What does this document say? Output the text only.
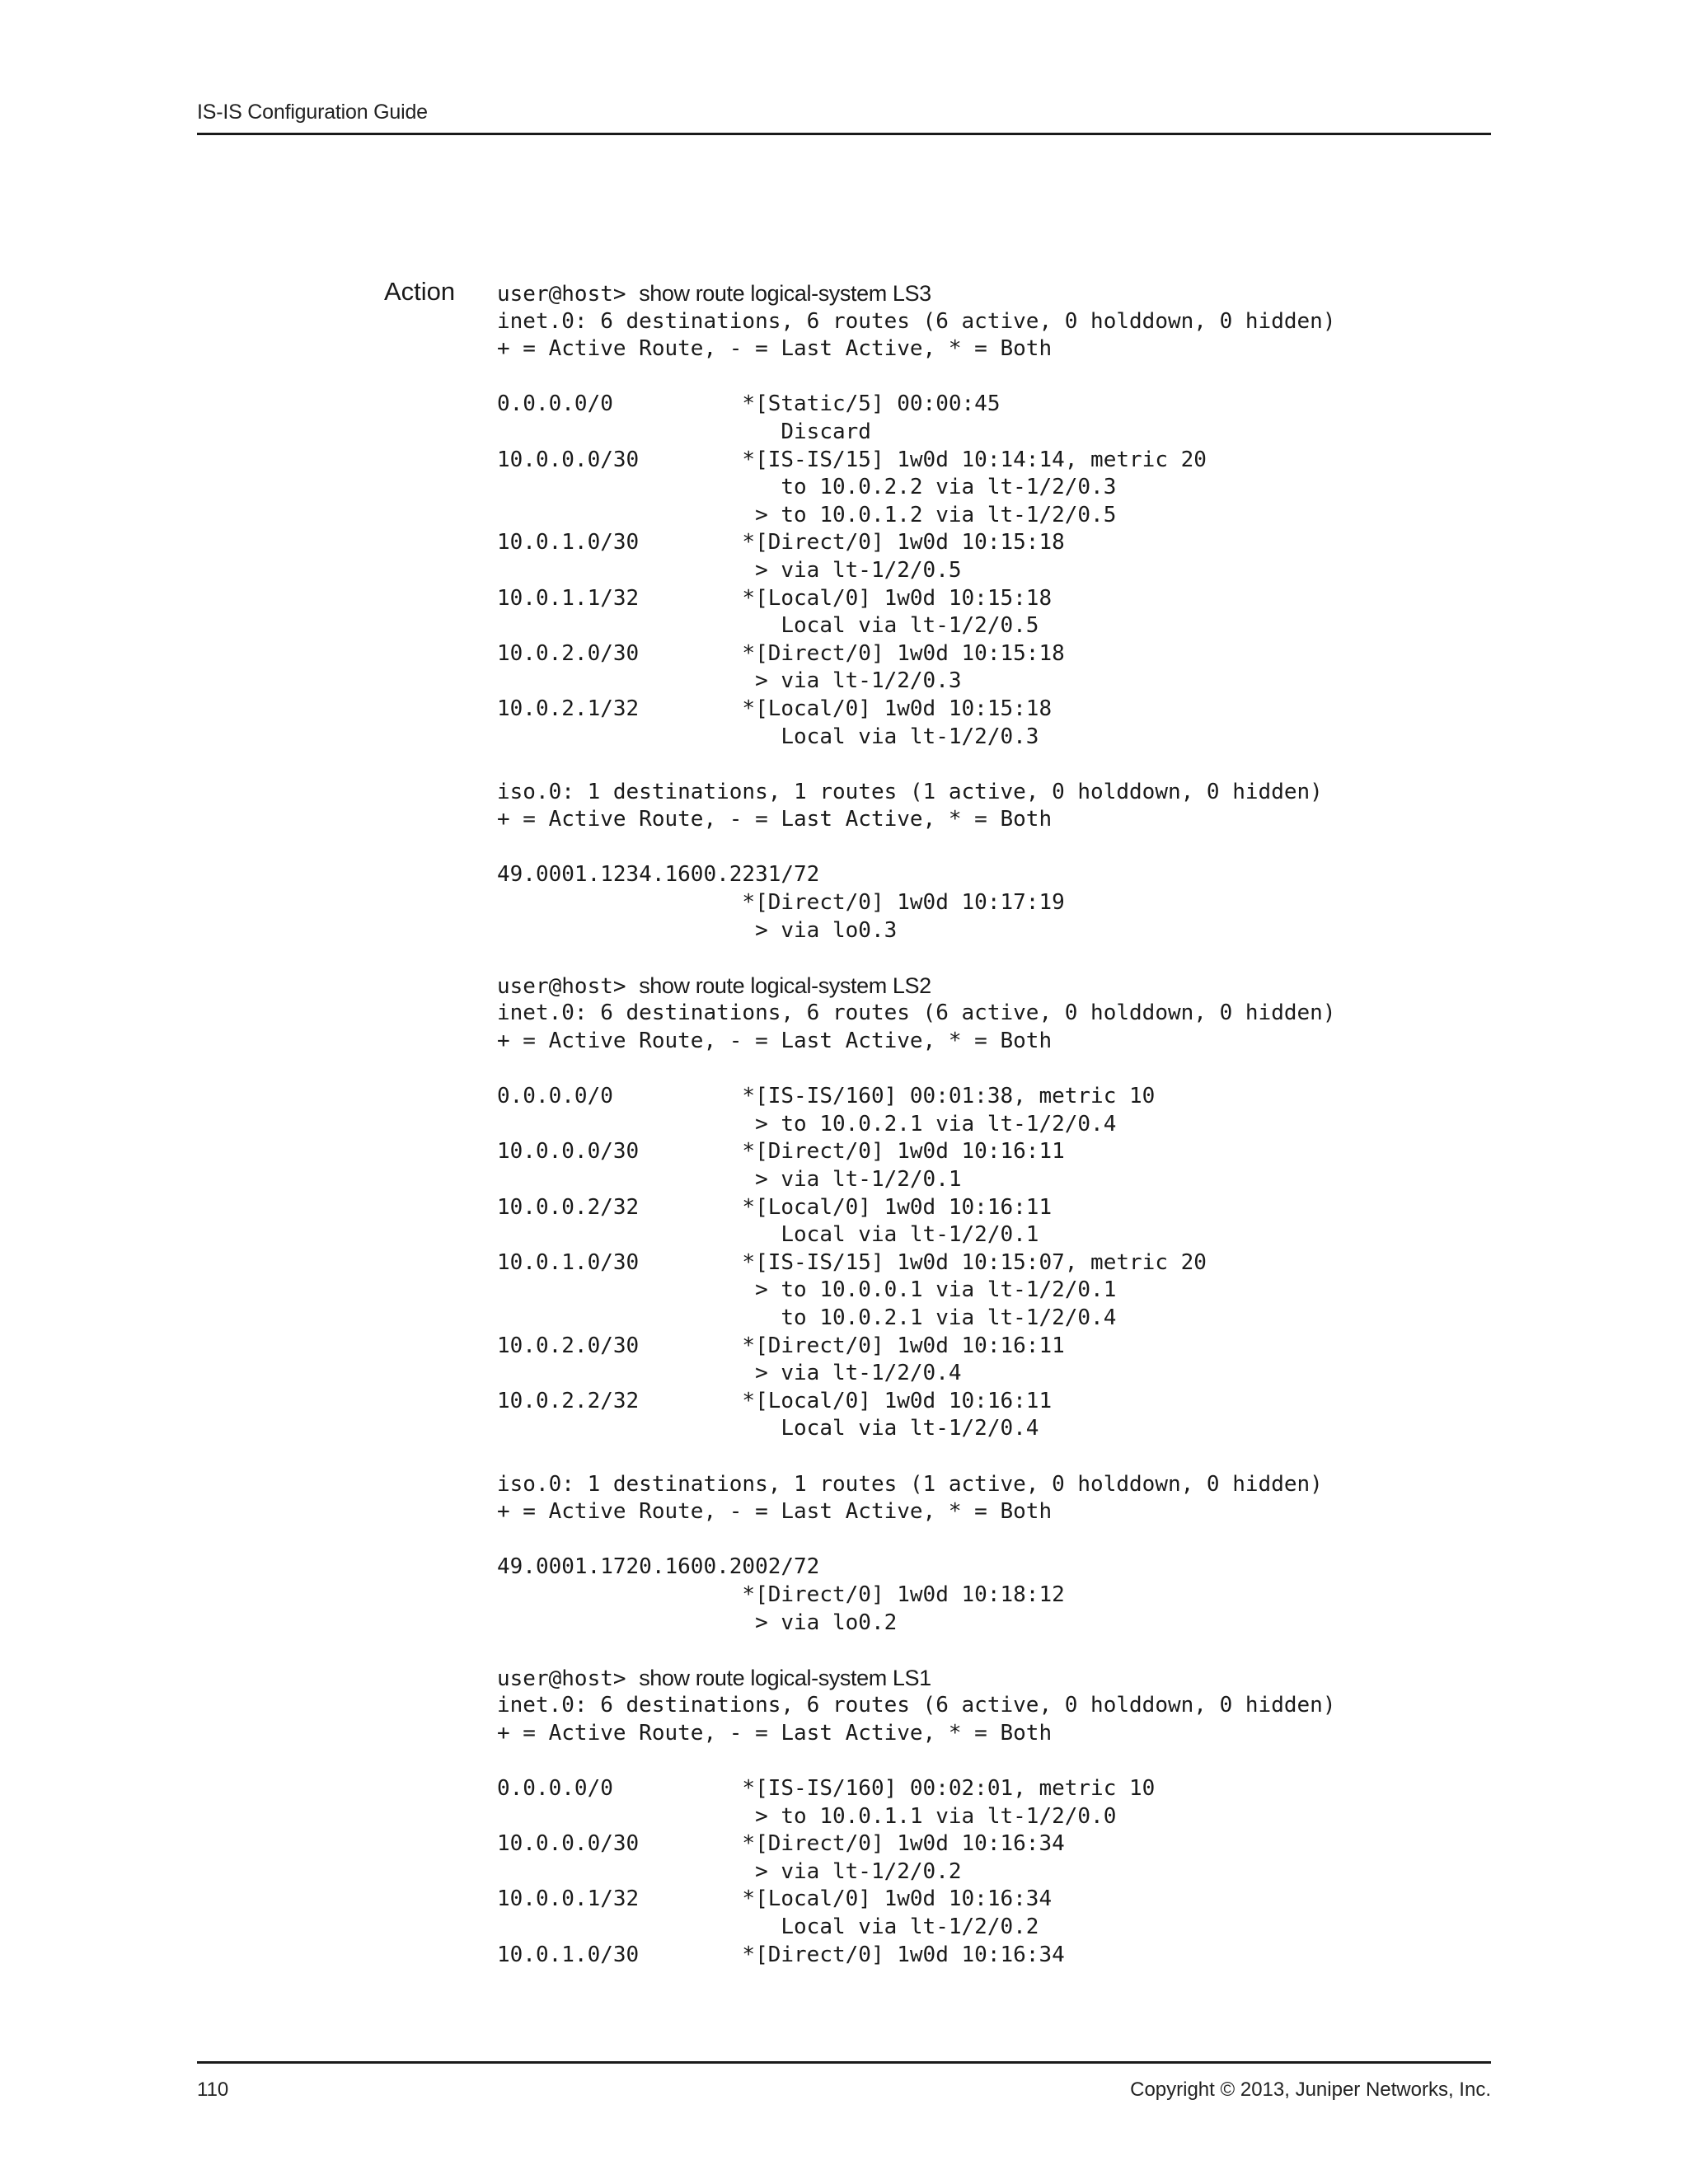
IS-IS Configuration Guide
Action user@host> show route logical-system LS3
inet.0: 6 destinations, 6 routes (6 active, 0 holddown, 0 hidden)
+ = Active Route, - = Last Active, * = Both
0.0.0.0/0          *[Static/5] 00:00:45
Discard
10.0.0.0/30        *[IS-IS/15] 1w0d 10:14:14, metric 20
to 10.0.2.2 via lt-1/2/0.3
> to 10.0.1.2 via lt-1/2/0.5
10.0.1.0/30        *[Direct/0] 1w0d 10:15:18
> via lt-1/2/0.5
10.0.1.1/32        *[Local/0] 1w0d 10:15:18
Local via lt-1/2/0.5
10.0.2.0/30        *[Direct/0] 1w0d 10:15:18
> via lt-1/2/0.3
10.0.2.1/32        *[Local/0] 1w0d 10:15:18
Local via lt-1/2/0.3
iso.0: 1 destinations, 1 routes (1 active, 0 holddown, 0 hidden)
+ = Active Route, - = Last Active, * = Both
49.0001.1234.1600.2231/72
*[Direct/0] 1w0d 10:17:19
> via lo0.3
user@host> show route logical-system LS2
inet.0: 6 destinations, 6 routes (6 active, 0 holddown, 0 hidden)
+ = Active Route, - = Last Active, * = Both
0.0.0.0/0          *[IS-IS/160] 00:01:38, metric 10
> to 10.0.2.1 via lt-1/2/0.4
10.0.0.0/30        *[Direct/0] 1w0d 10:16:11
> via lt-1/2/0.1
10.0.0.2/32        *[Local/0] 1w0d 10:16:11
Local via lt-1/2/0.1
10.0.1.0/30        *[IS-IS/15] 1w0d 10:15:07, metric 20
> to 10.0.0.1 via lt-1/2/0.1
to 10.0.2.1 via lt-1/2/0.4
10.0.2.0/30        *[Direct/0] 1w0d 10:16:11
> via lt-1/2/0.4
10.0.2.2/32        *[Local/0] 1w0d 10:16:11
Local via lt-1/2/0.4
iso.0: 1 destinations, 1 routes (1 active, 0 holddown, 0 hidden)
+ = Active Route, - = Last Active, * = Both
49.0001.1720.1600.2002/72
*[Direct/0] 1w0d 10:18:12
> via lo0.2
user@host> show route logical-system LS1
inet.0: 6 destinations, 6 routes (6 active, 0 holddown, 0 hidden)
+ = Active Route, - = Last Active, * = Both
0.0.0.0/0          *[IS-IS/160] 00:02:01, metric 10
> to 10.0.1.1 via lt-1/2/0.0
10.0.0.0/30        *[Direct/0] 1w0d 10:16:34
> via lt-1/2/0.2
10.0.0.1/32        *[Local/0] 1w0d 10:16:34
Local via lt-1/2/0.2
10.0.1.0/30        *[Direct/0] 1w0d 10:16:34
110	Copyright © 2013, Juniper Networks, Inc.
